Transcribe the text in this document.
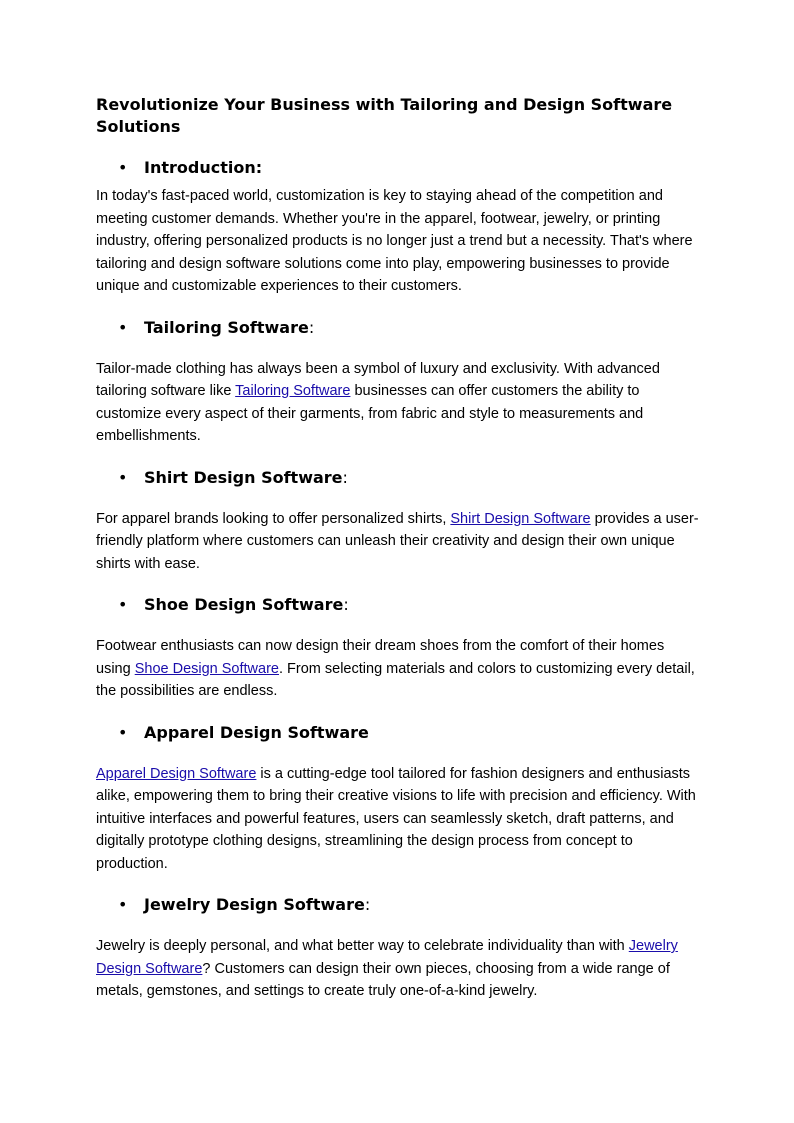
Revolutionize Your Business with Tailoring and Design Software Solutions
•	Introduction:

In today's fast-paced world, customization is key to staying ahead of the competition and meeting customer demands. Whether you're in the apparel, footwear, jewelry, or printing industry, offering personalized products is no longer just a trend but a necessity. That's where tailoring and design software solutions come into play, empowering businesses to provide unique and customizable experiences to their customers.

•	Tailoring Software :

Tailor-made clothing has always been a symbol of luxury and exclusivity. With advanced tailoring software like Tailoring Software businesses can offer customers the ability to customize every aspect of their garments, from fabric and style to measurements and embellishments.

•	Shirt Design Software :

For apparel brands looking to offer personalized shirts, Shirt Design Software provides a user-friendly platform where customers can unleash their creativity and design their own unique shirts with ease.

•	Shoe Design Software :

Footwear enthusiasts can now design their dream shoes from the comfort of their homes using Shoe Design Software. From selecting materials and colors to customizing every detail, the possibilities are endless.

•	Apparel Design Software

Apparel Design Software is a cutting-edge tool tailored for fashion designers and enthusiasts alike, empowering them to bring their creative visions to life with precision and efficiency. With intuitive interfaces and powerful features, users can seamlessly sketch, draft patterns, and digitally prototype clothing designs, streamlining the design process from concept to production.

•	Jewelry Design Software :

Jewelry is deeply personal, and what better way to celebrate individuality than with Jewelry Design Software? Customers can design their own pieces, choosing from a wide range of metals, gemstones, and settings to create truly one-of-a-kind jewelry.
